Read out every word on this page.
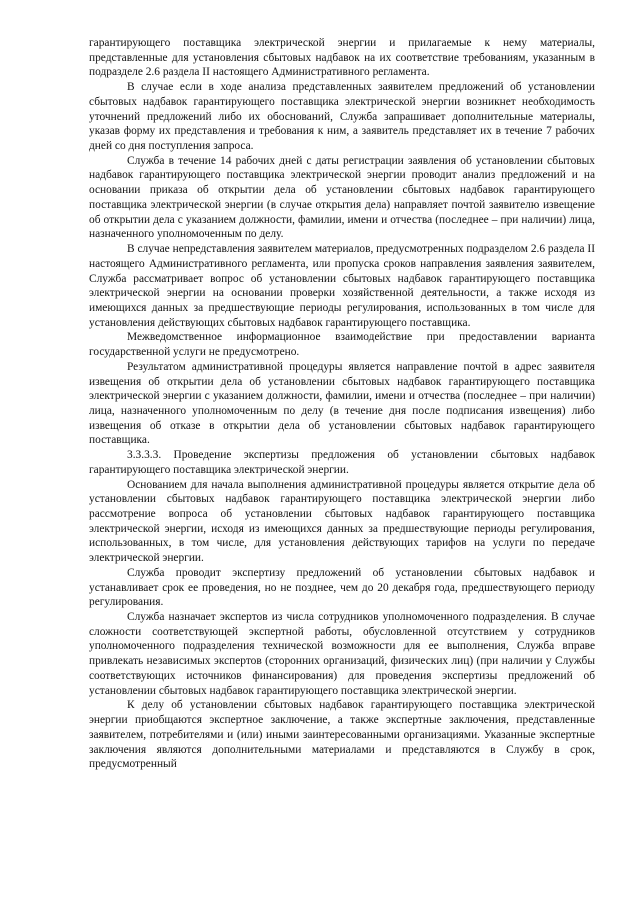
гарантирующего поставщика электрической энергии и прилагаемые к нему материалы, представленные для установления сбытовых надбавок на их соответствие требованиям, указанным в подразделе 2.6 раздела II настоящего Административного регламента.

В случае если в ходе анализа представленных заявителем предложений об установлении сбытовых надбавок гарантирующего поставщика электрической энергии возникнет необходимость уточнений предложений либо их обоснований, Служба запрашивает дополнительные материалы, указав форму их представления и требования к ним, а заявитель представляет их в течение 7 рабочих дней со дня поступления запроса.

Служба в течение 14 рабочих дней с даты регистрации заявления об установлении сбытовых надбавок гарантирующего поставщика электрической энергии проводит анализ предложений и на основании приказа об открытии дела об установлении сбытовых надбавок гарантирующего поставщика электрической энергии (в случае открытия дела) направляет почтой заявителю извещение об открытии дела с указанием должности, фамилии, имени и отчества (последнее – при наличии) лица, назначенного уполномоченным по делу.

В случае непредставления заявителем материалов, предусмотренных подразделом 2.6 раздела II настоящего Административного регламента, или пропуска сроков направления заявления заявителем, Служба рассматривает вопрос об установлении сбытовых надбавок гарантирующего поставщика электрической энергии на основании проверки хозяйственной деятельности, а также исходя из имеющихся данных за предшествующие периоды регулирования, использованных в том числе для установления действующих сбытовых надбавок гарантирующего поставщика.

Межведомственное информационное взаимодействие при предоставлении варианта государственной услуги не предусмотрено.

Результатом административной процедуры является направление почтой в адрес заявителя извещения об открытии дела об установлении сбытовых надбавок гарантирующего поставщика электрической энергии с указанием должности, фамилии, имени и отчества (последнее – при наличии) лица, назначенного уполномоченным по делу (в течение дня после подписания извещения) либо извещения об отказе в открытии дела об установлении сбытовых надбавок гарантирующего поставщика.

3.3.3.3. Проведение экспертизы предложения об установлении сбытовых надбавок гарантирующего поставщика электрической энергии.

Основанием для начала выполнения административной процедуры является открытие дела об установлении сбытовых надбавок гарантирующего поставщика электрической энергии либо рассмотрение вопроса об установлении сбытовых надбавок гарантирующего поставщика электрической энергии, исходя из имеющихся данных за предшествующие периоды регулирования, использованных, в том числе, для установления действующих тарифов на услуги по передаче электрической энергии.

Служба проводит экспертизу предложений об установлении сбытовых надбавок и устанавливает срок ее проведения, но не позднее, чем до 20 декабря года, предшествующего периоду регулирования.

Служба назначает экспертов из числа сотрудников уполномоченного подразделения. В случае сложности соответствующей экспертной работы, обусловленной отсутствием у сотрудников уполномоченного подразделения технической возможности для ее выполнения, Служба вправе привлекать независимых экспертов (сторонних организаций, физических лиц) (при наличии у Службы соответствующих источников финансирования) для проведения экспертизы предложений об установлении сбытовых надбавок гарантирующего поставщика электрической энергии.

К делу об установлении сбытовых надбавок гарантирующего поставщика электрической энергии приобщаются экспертное заключение, а также экспертные заключения, представленные заявителем, потребителями и (или) иными заинтересованными организациями. Указанные экспертные заключения являются дополнительными материалами и представляются в Службу в срок, предусмотренный
